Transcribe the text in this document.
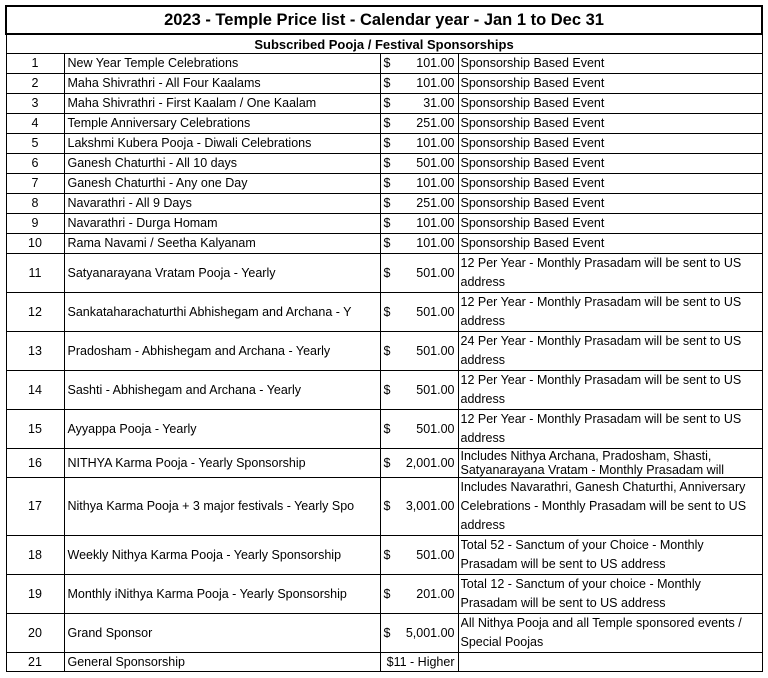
2023 - Temple Price list - Calendar year - Jan 1 to Dec 31			
Subscribed Pooja / Festival Sponsorships			
1	New Year Temple Celebrations	$ 101.00	Sponsorship Based Event

2	Maha Shivrathri - All Four Kaalams	$ 101.00	Sponsorship Based Event

3	Maha Shivrathri - First Kaalam / One Kaalam	$ 31.00	Sponsorship Based Event

4	Temple Anniversary Celebrations	$ 251.00	Sponsorship Based Event

5	Lakshmi Kubera Pooja - Diwali Celebrations	$ 101.00	Sponsorship Based Event

6	Ganesh Chaturthi - All 10 days	$ 501.00	Sponsorship Based Event

7	Ganesh Chaturthi - Any one Day	$ 101.00	Sponsorship Based Event

8	Navarathri - All 9 Days	$ 251.00	Sponsorship Based Event

9	Navarathri - Durga Homam	$ 101.00	Sponsorship Based Event

10	Rama Navami / Seetha Kalyanam	$ 101.00	Sponsorship Based Event

11	Satyanarayana Vratam Pooja - Yearly	$ 501.00	12 Per Year - Monthly Prasadam will be sent to US address

12	Sankataharachaturthi Abhishegam and Archana - Y	$ 501.00	12 Per Year - Monthly Prasadam will be sent to US address

13	Pradosham - Abhishegam and Archana - Yearly	$ 501.00	24 Per Year - Monthly Prasadam will be sent to US address

14	Sashti - Abhishegam and Archana - Yearly	$ 501.00	12 Per Year - Monthly Prasadam will be sent to US address

15	Ayyappa Pooja - Yearly	$ 501.00	12 Per Year - Monthly Prasadam will be sent to US address

16	NITHYA Karma Pooja - Yearly Sponsorship	$ 2,001.00	Includes Nithya Archana, Pradosham, Shasti, Satyanarayana Vratam - Monthly Prasadam will

17	Nithya Karma Pooja + 3 major festivals - Yearly Spo	$ 3,001.00	Includes Navarathri, Ganesh Chaturthi, Anniversary Celebrations - Monthly Prasadam will be sent to US address

18	Weekly Nithya Karma Pooja - Yearly Sponsorship	$ 501.00	Total 52 - Sanctum of your Choice - Monthly Prasadam will be sent to US address

19	Monthly iNithya Karma Pooja - Yearly Sponsorship	$ 201.00	Total 12 - Sanctum of your choice - Monthly Prasadam will be sent to US address

20	Grand Sponsor	$ 5,001.00	All Nithya Pooja and all Temple sponsored events / Special Poojas

21	General Sponsorship	$11 - Higher	
